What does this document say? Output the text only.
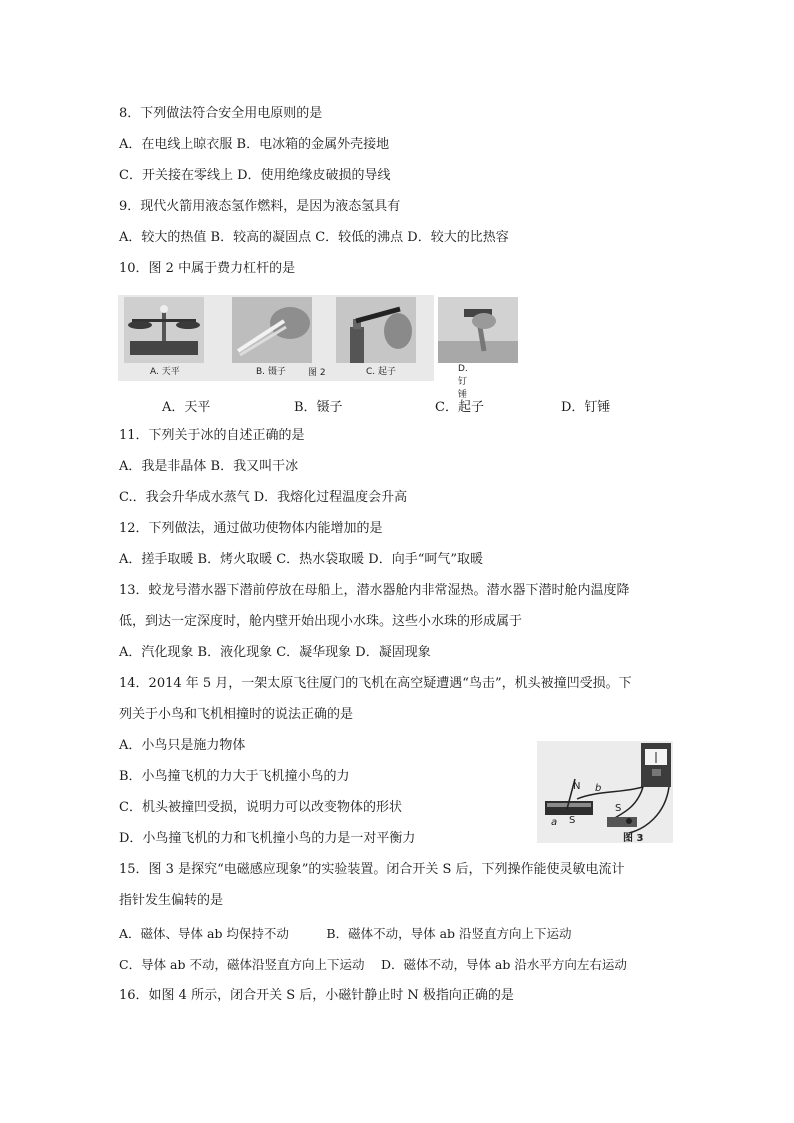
8．下列做法符合安全用电原则的是
A．在电线上晾衣服 B．电冰箱的金属外壳接地
C．开关接在零线上 D．使用绝缘皮破损的导线
9．现代火箭用液态氢作燃料，是因为液态氢具有
A．较大的热值 B．较高的凝固点 C．较低的沸点 D．较大的比热容
10．图 2 中属于费力杠杆的是
A. 天平	B. 镊子 图 2	C. 起子	D. 钉锤
A．天平	B．镊子	C．起子	D．钉锤
11．下列关于冰的自述正确的是
A．我是非晶体 B．我又叫干冰
C.．我会升华成水蒸气 D．我熔化过程温度会升高
12．下列做法，通过做功使物体内能增加的是
A．搓手取暖 B．烤火取暖 C．热水袋取暖 D．向手“呵气”取暖
13．蛟龙号潜水器下潜前停放在母船上，潜水器舱内非常湿热。潜水器下潜时舱内温度降
低，到达一定深度时，舱内壁开始出现小水珠。这些小水珠的形成属于
A．汽化现象 B．液化现象 C．凝华现象 D．凝固现象
14．2014 年 5 月，一架太原飞往厦门的飞机在高空疑遭遇“鸟击”，机头被撞凹受损。下
列关于小鸟和飞机相撞时的说法正确的是
A．小鸟只是施力物体
B．小鸟撞飞机的力大于飞机撞小鸟的力
C．机头被撞凹受损，说明力可以改变物体的形状
D．小鸟撞飞机的力和飞机撞小鸟的力是一对平衡力
N b
S
a
S
图 3
15．图 3 是探究“电磁感应现象”的实验装置。闭合开关 S 后，下列操作能使灵敏电流计
指针发生偏转的是
A．磁体、导体 ab 均保持不动　　　B．磁体不动，导体 ab 沿竖直方向上下运动
C．导体 ab 不动，磁体沿竖直方向上下运动　 D．磁体不动，导体 ab 沿水平方向左右运动
16．如图 4 所示，闭合开关 S 后，小磁针静止时 N 极指向正确的是
